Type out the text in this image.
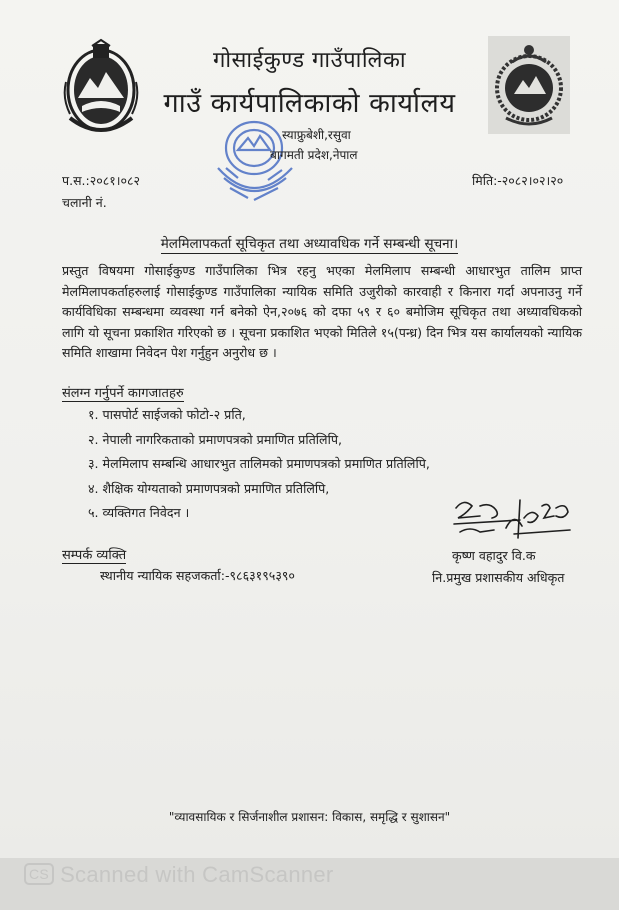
गोसाईकुण्ड गाउँपालिका
गाउँ कार्यपालिकाको कार्यालय
स्याफ्रुबेशी,रसुवा
बागमती प्रदेश,नेपाल
प.स.:२०८१।०८२
चलानी नं.
मिति:-२०८२।०२।२०
मेलमिलापकर्ता सूचिकृत तथा अध्यावधिक गर्ने सम्बन्धी सूचना।

प्रस्तुत विषयमा गोसाईकुण्ड गाउँपालिका भित्र रहनु भएका मेलमिलाप सम्बन्धी आधारभुत तालिम प्राप्त मेलमिलापकर्ताहरुलाई गोसाईकुण्ड गाउँपालिका न्यायिक समिति उजुरीको कारवाही र किनारा गर्दा अपनाउनु गर्ने कार्यविधिका सम्बन्धमा व्यवस्था गर्न बनेको ऐन,२०७६ को दफा ५९ र ६० बमोजिम सूचिकृत तथा अध्यावधिकको लागि यो सूचना प्रकाशित गरिएको छ । सूचना प्रकाशित भएको मितिले १५(पन्ध्र) दिन भित्र यस कार्यालयको न्यायिक समिति शाखामा निवेदन पेश गर्नुहुन अनुरोध छ ।

संलग्न गर्नुपर्ने कागजातहरु
१. पासपोर्ट साईजको फोटो-२ प्रति,
२. नेपाली नागरिकताको प्रमाणपत्रको प्रमाणित प्रतिलिपि,
३. मेलमिलाप सम्बन्धि आधारभुत तालिमको प्रमाणपत्रको प्रमाणित प्रतिलिपि,
४. शैक्षिक योग्यताको प्रमाणपत्रको प्रमाणित प्रतिलिपि,
५. व्यक्तिगत निवेदन ।
सम्पर्क व्यक्ति
स्थानीय न्यायिक सहजकर्ता:-९८६३१९५३९०
कृष्ण वहादुर वि.क
नि.प्रमुख प्रशासकीय अधिकृत
"व्यावसायिक र सिर्जनाशील प्रशासन: विकास, समृद्धि र सुशासन"
CS Scanned with CamScanner
